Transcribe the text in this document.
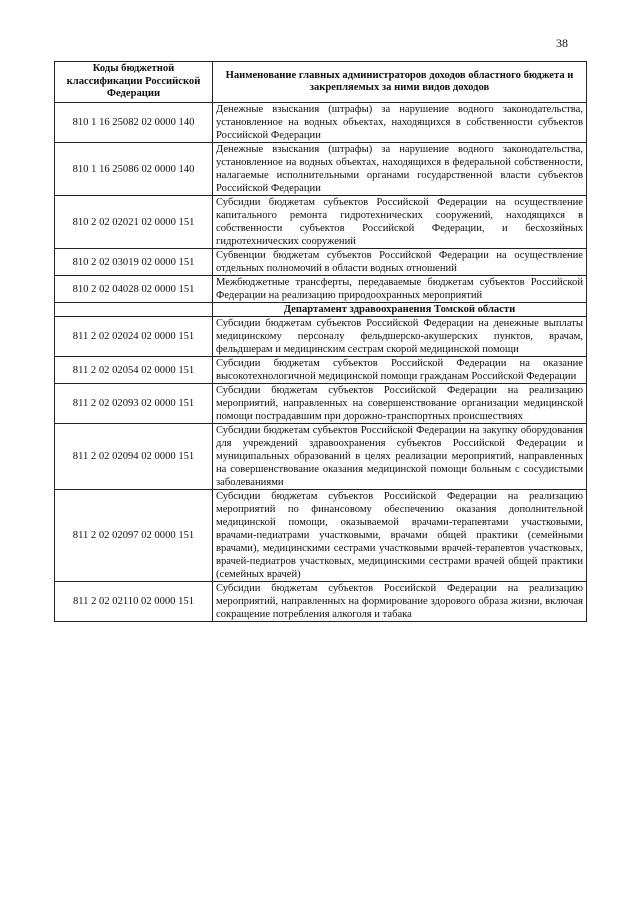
38
Коды бюджетной классификации Российской Федерации	Наименование главных администраторов доходов областного бюджета и закрепляемых за ними видов доходов
810 1 16 25082 02 0000 140	Денежные взыскания (штрафы) за нарушение водного законодательства, установленное на водных объектах, находящихся в собственности субъектов Российской Федерации
810 1 16 25086 02 0000 140	Денежные взыскания (штрафы) за нарушение водного законодательства, установленное на водных объектах, находящихся в федеральной собственности, налагаемые исполнительными органами государственной власти субъектов Российской Федерации
810 2 02 02021 02 0000 151	Субсидии бюджетам субъектов Российской Федерации на осуществление капитального ремонта гидротехнических сооружений, находящихся в собственности субъектов Российской Федерации, и бесхозяйных гидротехнических сооружений
810 2 02 03019 02 0000 151	Субвенции бюджетам субъектов Российской Федерации на осуществление отдельных полномочий в области водных отношений
810 2 02 04028 02 0000 151	Межбюджетные трансферты, передаваемые бюджетам субъектов Российской Федерации на реализацию природоохранных мероприятий
	Департамент здравоохранения Томской области
811 2 02 02024 02 0000 151	Субсидии бюджетам субъектов Российской Федерации на денежные выплаты медицинскому персоналу фельдшерско-акушерских пунктов, врачам, фельдшерам и медицинским сестрам скорой медицинской помощи
811 2 02 02054 02 0000 151	Субсидии бюджетам субъектов Российской Федерации на оказание высокотехнологичной медицинской помощи гражданам Российской Федерации
811 2 02 02093 02 0000 151	Субсидии бюджетам субъектов Российской Федерации на реализацию мероприятий, направленных на совершенствование организации медицинской помощи пострадавшим при дорожно-транспортных происшествиях
811 2 02 02094 02 0000 151	Субсидии бюджетам субъектов Российской Федерации на закупку оборудования для учреждений здравоохранения субъектов Российской Федерации и муниципальных образований в целях реализации мероприятий, направленных на совершенствование оказания медицинской помощи больным с сосудистыми заболеваниями
811 2 02 02097 02 0000 151	Субсидии бюджетам субъектов Российской Федерации на реализацию мероприятий по финансовому обеспечению оказания дополнительной медицинской помощи, оказываемой врачами-терапевтами участковыми, врачами-педиатрами участковыми, врачами общей практики (семейными врачами), медицинскими сестрами участковыми врачей-терапевтов участковых, врачей-педиатров участковых, медицинскими сестрами врачей общей практики (семейных врачей)
811 2 02 02110 02 0000 151	Субсидии бюджетам субъектов Российской Федерации на реализацию мероприятий, направленных на формирование здорового образа жизни, включая сокращение потребления алкоголя и табака
